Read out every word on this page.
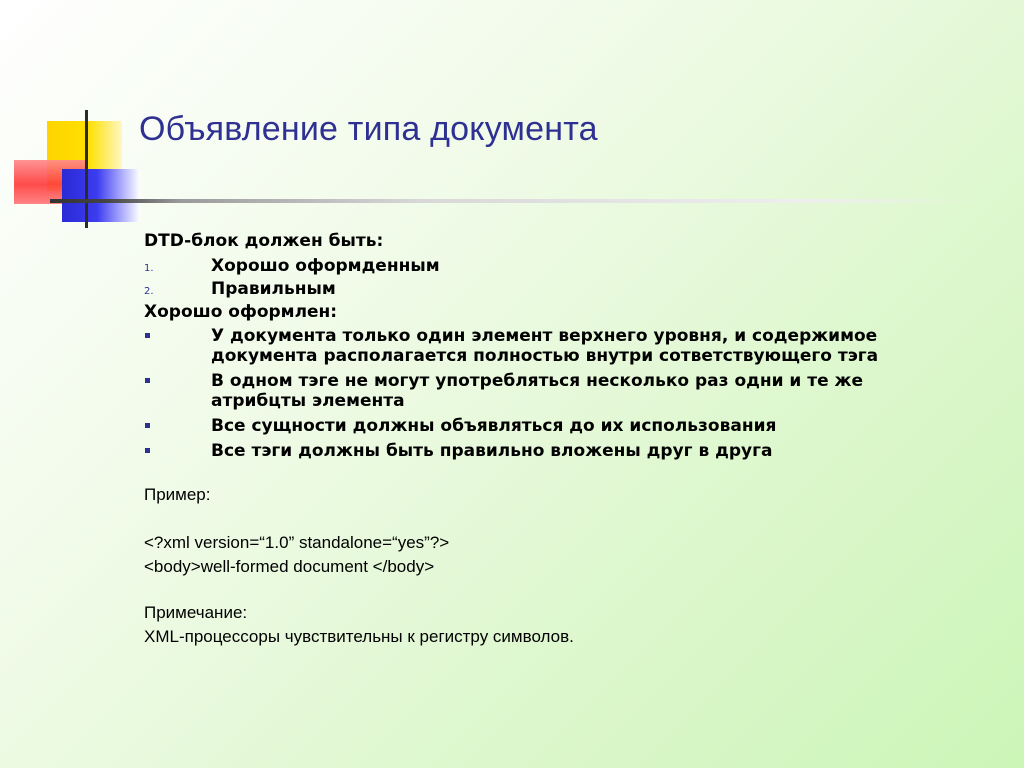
Объявление типа документа
DTD-блок должен быть:
1.	Хорошо оформденным
2.	Правильным
Хорошо оформлен:
У документа только один элемент верхнего уровня, и содержимое документа располагается полностью внутри сответствующего тэга
В одном тэге не могут употребляться несколько раз одни и те же атрибцты элемента
Все сущности должны объявляться до их использования
Все тэги должны быть правильно вложены друг в друга
Пример:
<?xml version=“1.0” standalone=“yes”?>
<body>well-formed document </body>
Примечание:
XML-процессоры чувствительны к регистру символов.
